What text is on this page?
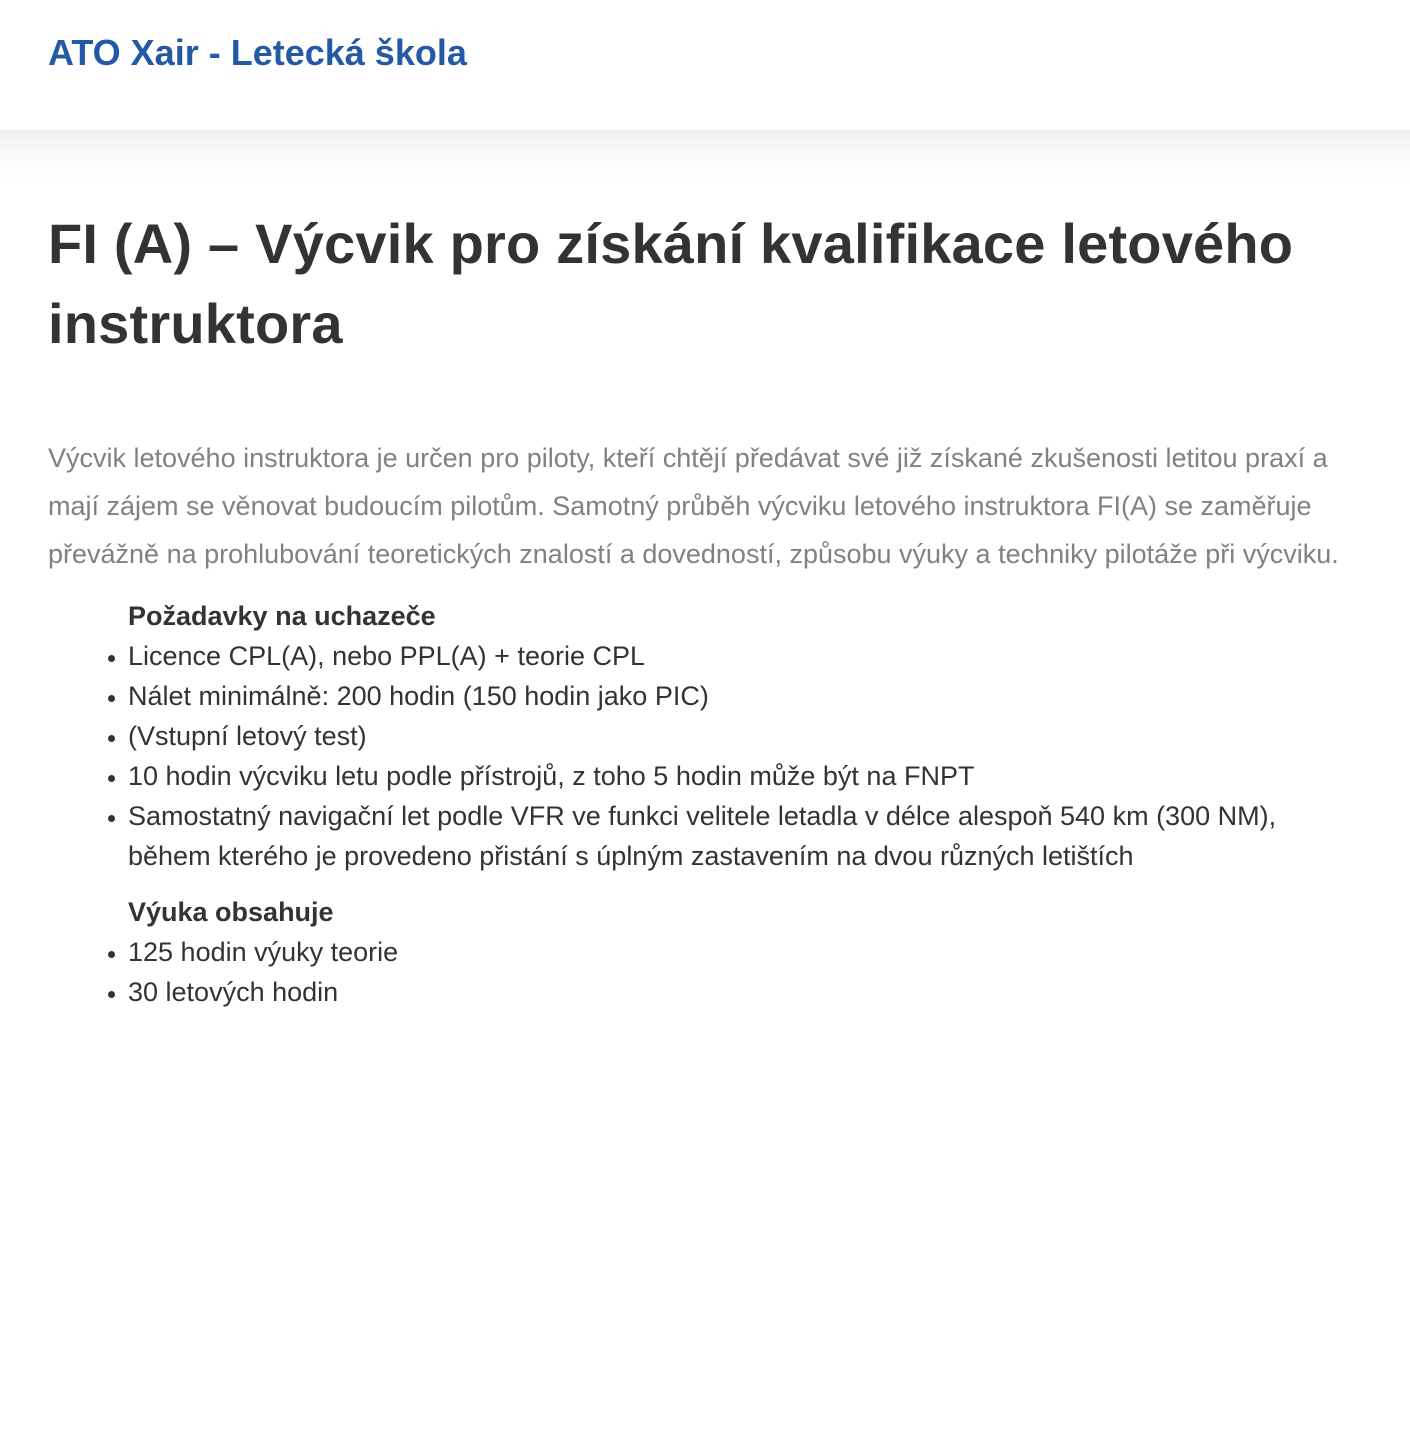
ATO Xair - Letecká škola
FI (A) – Výcvik pro získání kvalifikace letového instruktora

Výcvik letového instruktora je určen pro piloty, kteří chtějí předávat své již získané zkušenosti letitou praxí a mají zájem se věnovat budoucím pilotům. Samotný průběh výcviku letového instruktora FI(A) se zaměřuje převážně na prohlubování teoretických znalostí a dovedností, způsobu výuky a techniky pilotáže při výcviku.

Požadavky na uchazeče
• Licence CPL(A), nebo PPL(A) + teorie CPL
• Nálet minimálně: 200 hodin (150 hodin jako PIC)
• (Vstupní letový test)
• 10 hodin výcviku letu podle přístrojů, z toho 5 hodin může být na FNPT
• Samostatný navigační let podle VFR ve funkci velitele letadla v délce alespoň 540 km (300 NM), během kterého je provedeno přistání s úplným zastavením na dvou různých letištích
Výuka obsahuje
• 125 hodin výuky teorie
• 30 letových hodin
